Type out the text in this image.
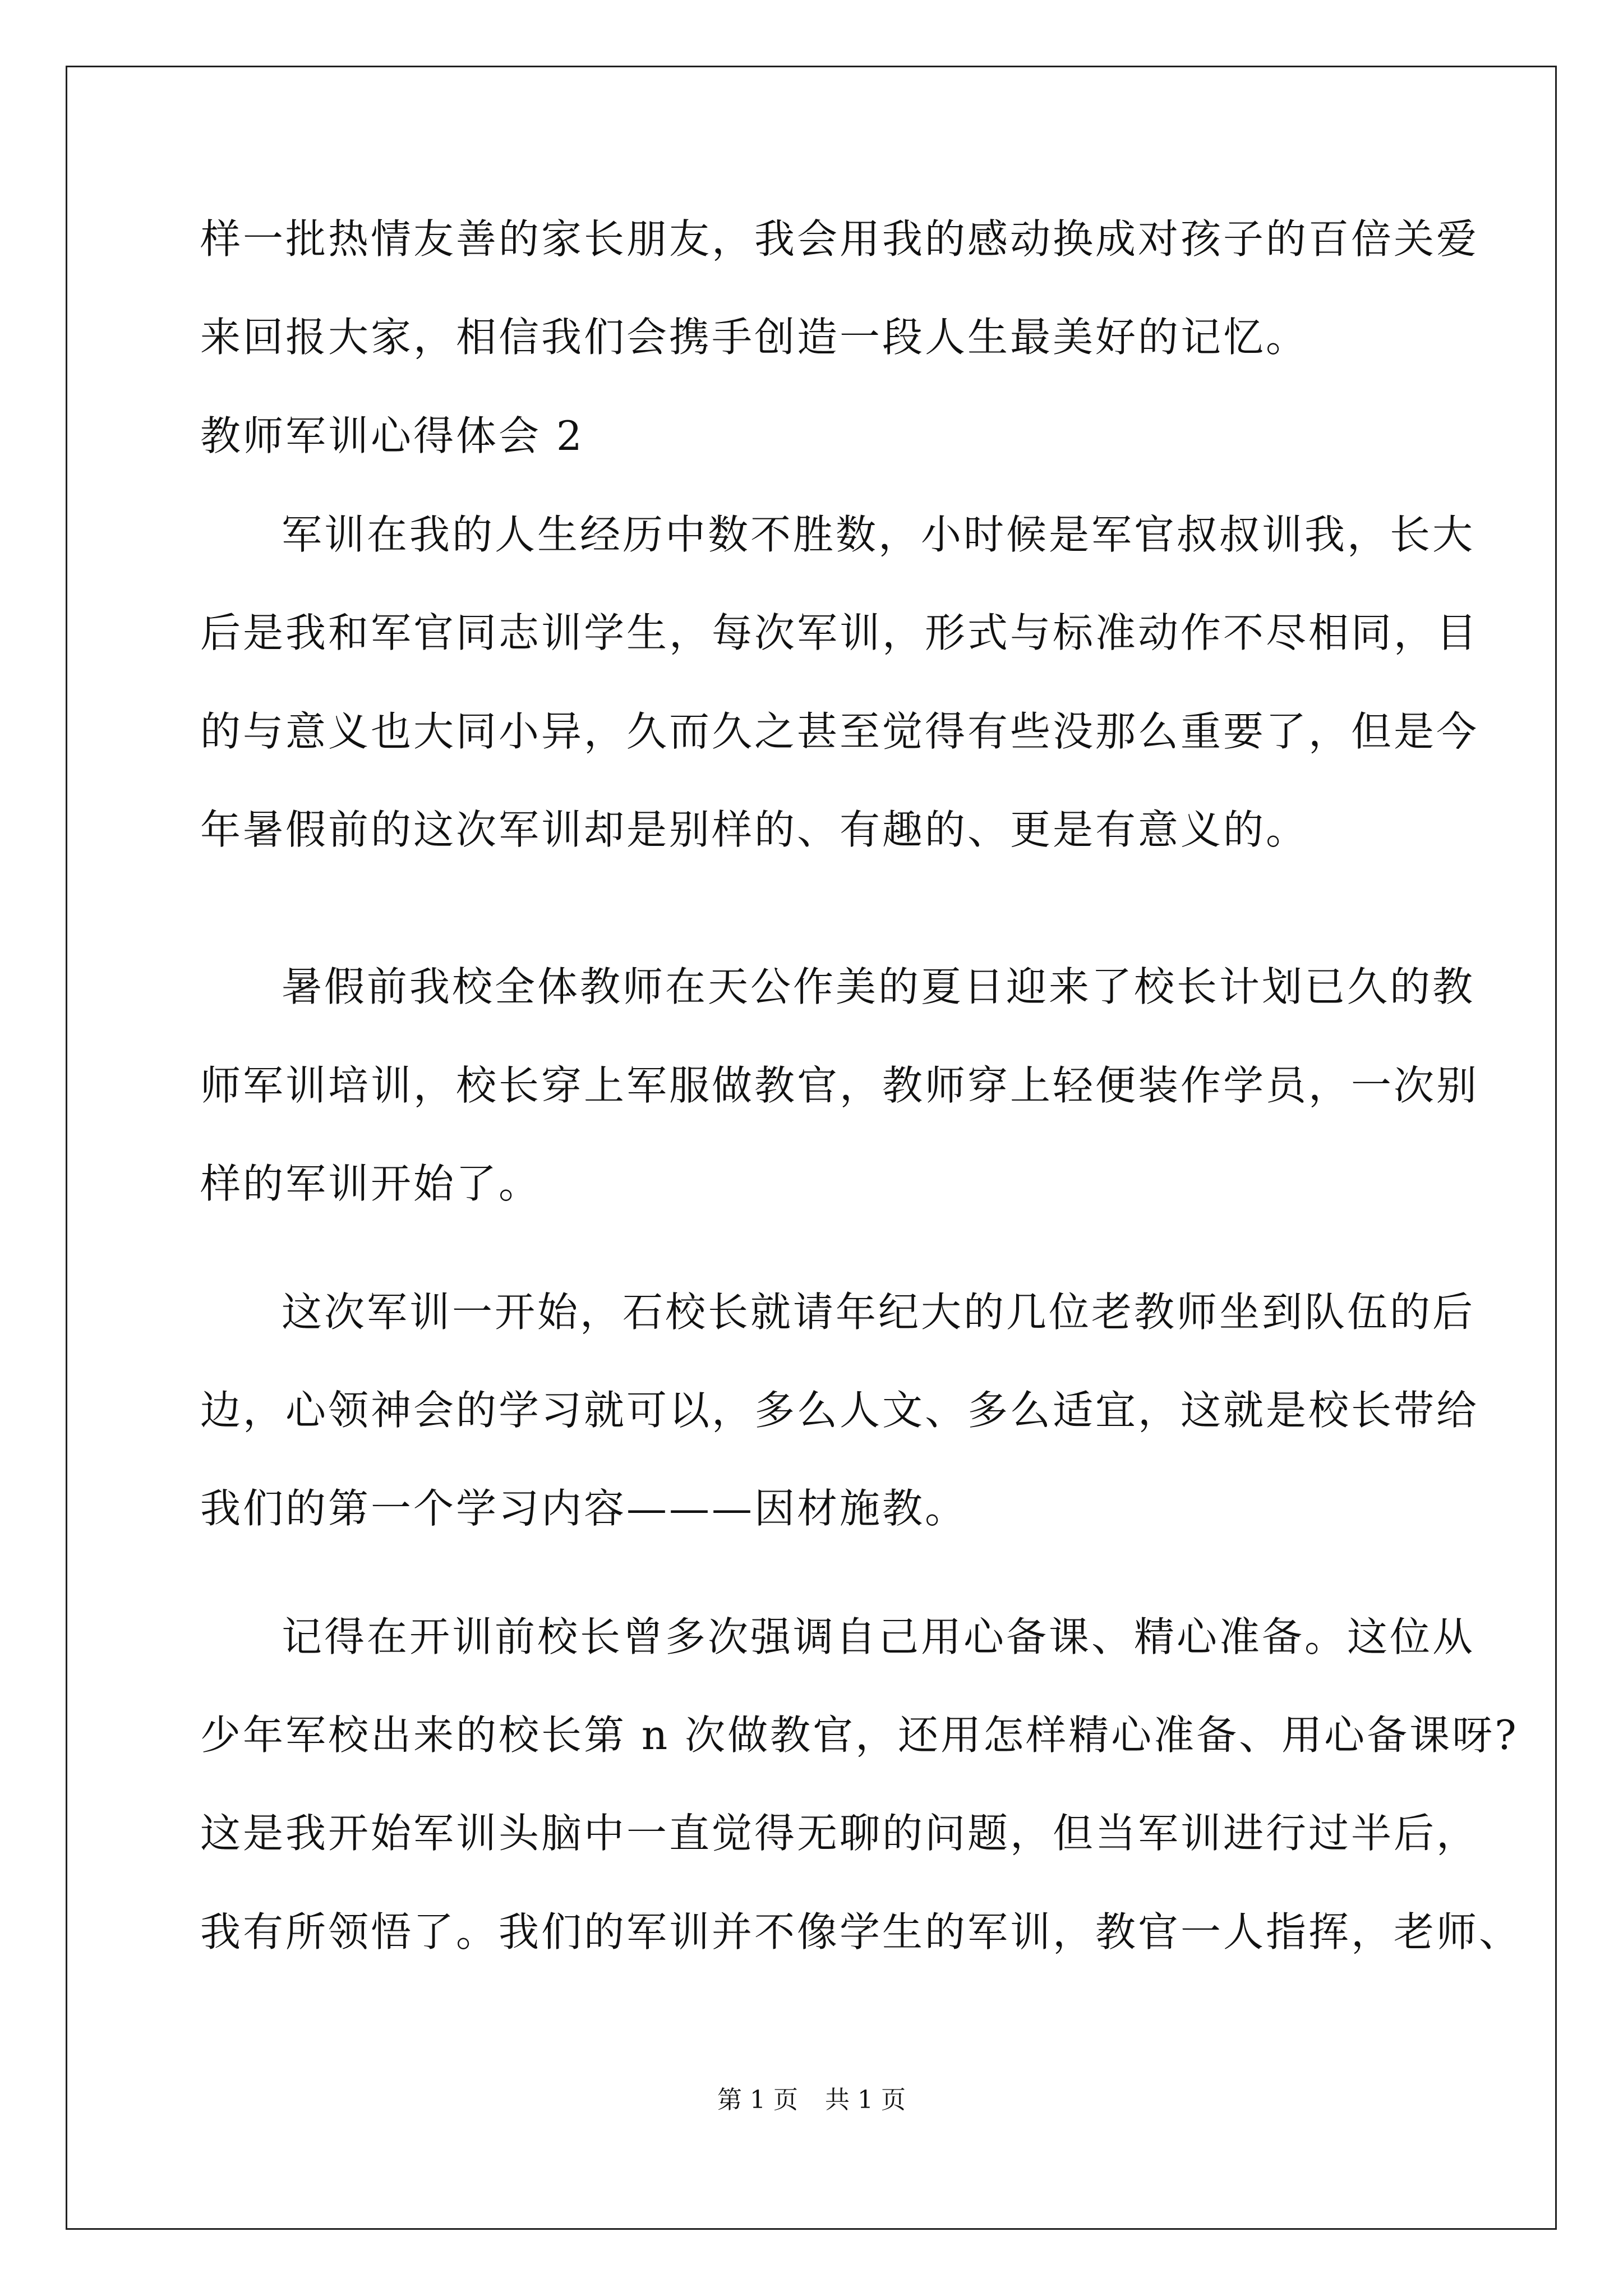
样一批热情友善的家长朋友，我会用我的感动换成对孩子的百倍关爱

来回报大家，相信我们会携手创造一段人生最美好的记忆。

教师军训心得体会 2

军训在我的人生经历中数不胜数，小时候是军官叔叔训我，长大

后是我和军官同志训学生，每次军训，形式与标准动作不尽相同，目

的与意义也大同小异，久而久之甚至觉得有些没那么重要了，但是今

年暑假前的这次军训却是别样的、有趣的、更是有意义的。

暑假前我校全体教师在天公作美的夏日迎来了校长计划已久的教

师军训培训，校长穿上军服做教官，教师穿上轻便装作学员，一次别

样的军训开始了。

这次军训一开始，石校长就请年纪大的几位老教师坐到队伍的后

边，心领神会的学习就可以，多么人文、多么适宜，这就是校长带给

我们的第一个学习内容———因材施教。

记得在开训前校长曾多次强调自己用心备课、精心准备。这位从

少年军校出来的校长第 n 次做教官，还用怎样精心准备、用心备课呀?

这是我开始军训头脑中一直觉得无聊的问题，但当军训进行过半后，

我有所领悟了。我们的军训并不像学生的军训，教官一人指挥，老师、

第 1 页 共 1 页
